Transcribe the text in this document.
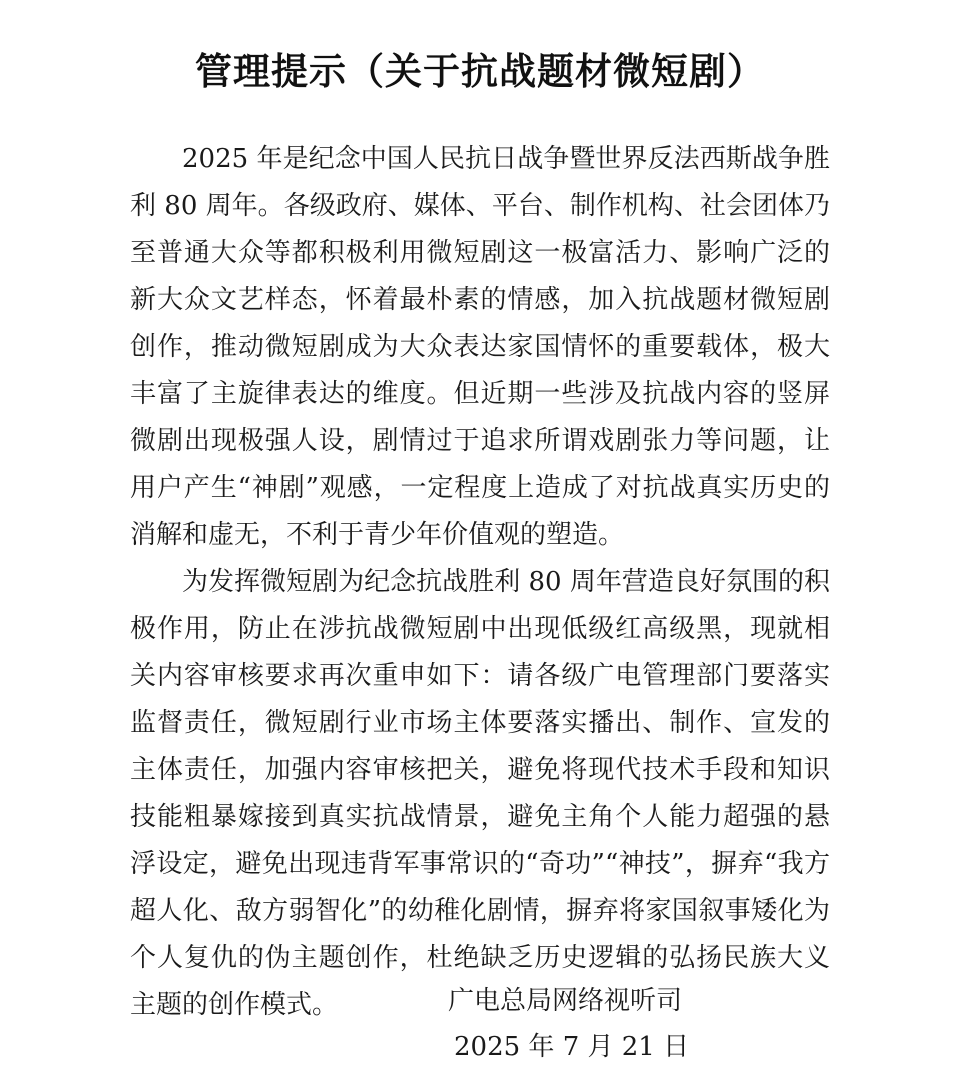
管理提示（关于抗战题材微短剧）

2025 年是纪念中国人民抗日战争暨世界反法西斯战争胜利 80 周年。各级政府、媒体、平台、制作机构、社会团体乃至普通大众等都积极利用微短剧这一极富活力、影响广泛的新大众文艺样态，怀着最朴素的情感，加入抗战题材微短剧创作，推动微短剧成为大众表达家国情怀的重要载体，极大丰富了主旋律表达的维度。但近期一些涉及抗战内容的竖屏微剧出现极强人设，剧情过于追求所谓戏剧张力等问题，让用户产生“神剧”观感，一定程度上造成了对抗战真实历史的消解和虚无，不利于青少年价值观的塑造。

为发挥微短剧为纪念抗战胜利 80 周年营造良好氛围的积极作用，防止在涉抗战微短剧中出现低级红高级黑，现就相关内容审核要求再次重申如下：请各级广电管理部门要落实监督责任，微短剧行业市场主体要落实播出、制作、宣发的主体责任，加强内容审核把关，避免将现代技术手段和知识技能粗暴嫁接到真实抗战情景，避免主角个人能力超强的悬浮设定，避免出现违背军事常识的“奇功”“神技”，摒弃“我方超人化、敌方弱智化”的幼稚化剧情，摒弃将家国叙事矮化为个人复仇的伪主题创作，杜绝缺乏历史逻辑的弘扬民族大义主题的创作模式。	广电总局网络视听司
2025 年 7 月 21 日
